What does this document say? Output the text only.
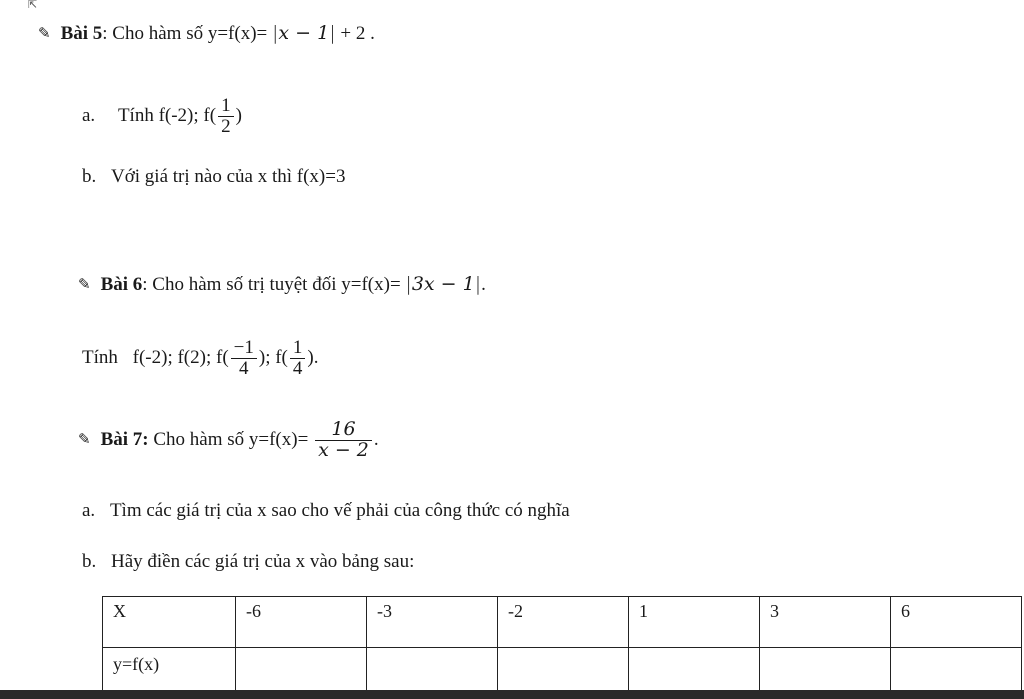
⇱
✎ Bài 5: Cho hàm số y=f(x)= |x − 1| + 2 .
a. Tính f(-2); $f( \frac{1}{2}$ )
b. Với giá trị nào của x thì f(x)=3
✎ Bài 6: Cho hàm số trị tuyệt đối y=f(x)= |3x − 1|.
Tính f(-2); f(2); $f( \frac{-1}{4}$ ); $f( \frac{1}{4}$ ).
✎ Bài 7: Cho hàm số $y=f(x)= \frac{16}{x - 2}$ .
a. Tìm các giá trị của x sao cho vế phải của công thức có nghĩa
b. Hãy điền các giá trị của x vào bảng sau:
X	-6	-3	-2	1	3	6
y=f(x)						
